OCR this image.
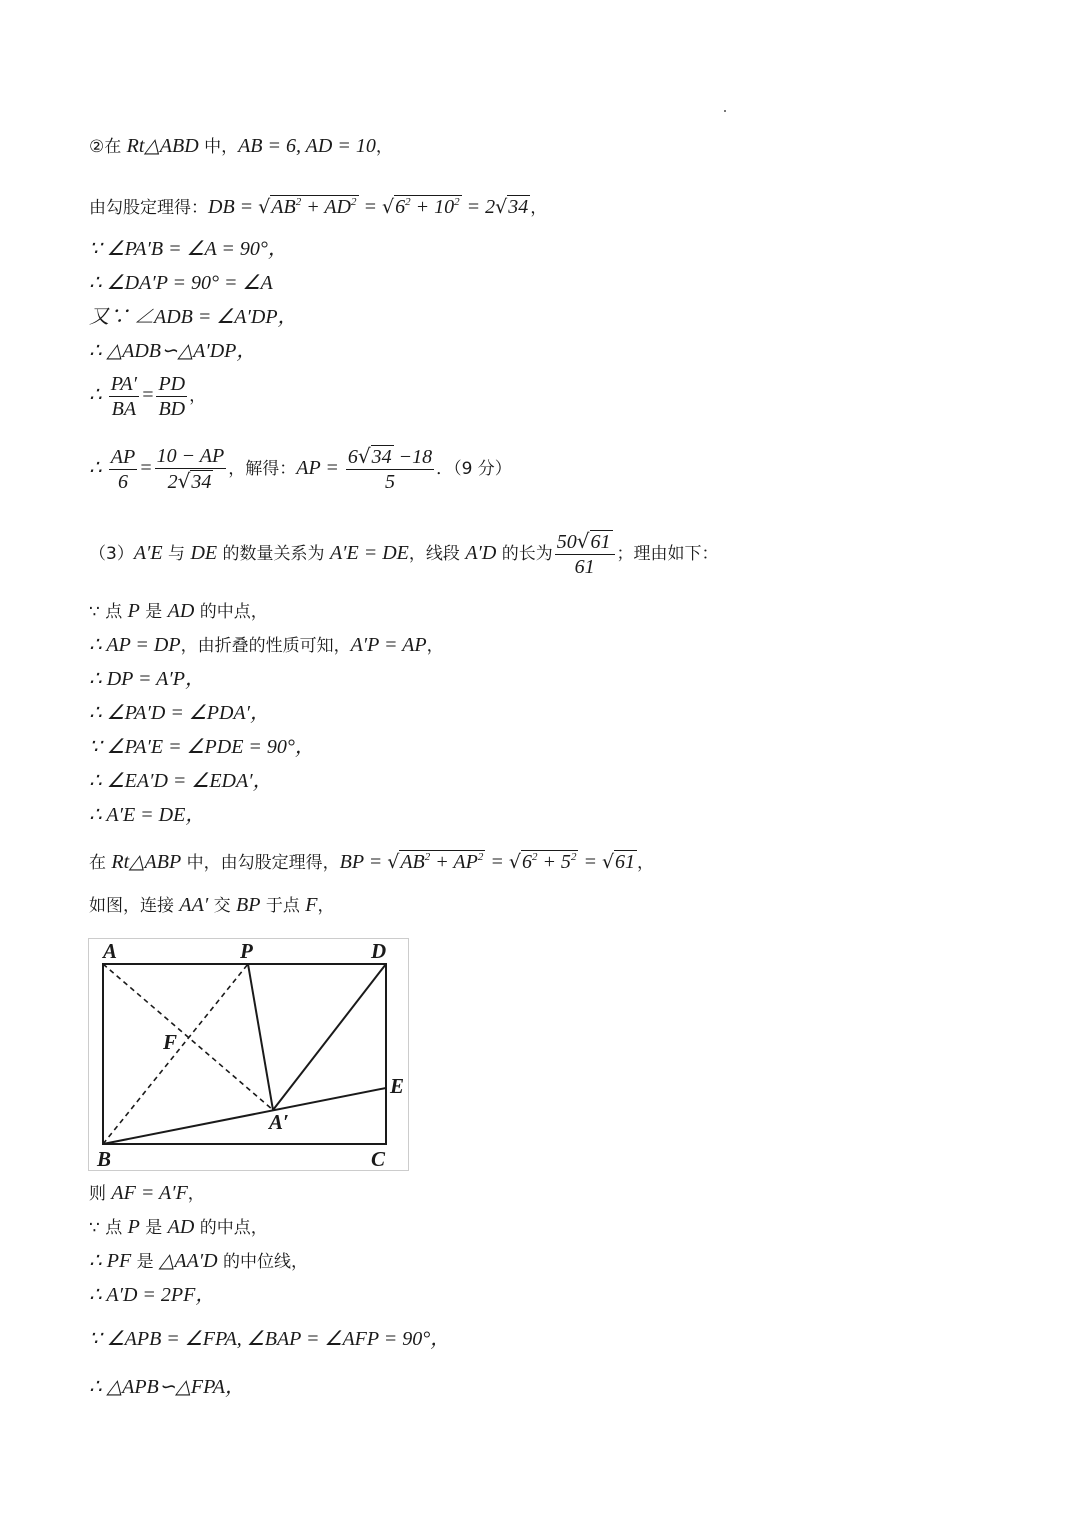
②在 Rt△ABD 中，AB = 6, AD = 10，
由勾股定理得：DB = $√AB^2 + AD^2 = √6^2 + 10^2 = 2√34$ ，
∵ ∠PA′B = ∠A = 90°，
∴ ∠DA′P = 90° = ∠A
又∵ ∠ADB = ∠A′DP，
∴ △ADB∽△A′DP，
∴ $\frac{PA'}{BA} = \frac{PD}{BD}$ ，
∴ $\frac{AP}{6} = \frac{10 - AP}{2√34}$ ，解得：AP = $\frac{6√34 -18}{5}$ ．（9 分）
（3）A′E 与 DE 的数量关系为 A′E = DE，线段 A′D 的长为 $\frac{50√61}{61}$ ；理由如下：
∵ 点 P 是 AD 的中点，
∴ AP = DP，由折叠的性质可知，A′P = AP，
∴ DP = A′P，
∴ ∠PA′D = ∠PDA′，
∵ ∠PA′E = ∠PDE = 90°，
∴ ∠EA′D = ∠EDA′，
∴ A′E = DE，
在 Rt△ABP 中，由勾股定理得，BP = $√AB^2 + AP^2 = √6^2 + 5^2 = √61$ ，
如图，连接 AA′ 交 BP 于点 F，
A	P	D
F
E
A′
B	C
则 AF = A′F，
∵ 点 P 是 AD 的中点，
∴ PF 是 △AA′D 的中位线，
∴ A′D = 2PF，
∵ ∠APB = ∠FPA, ∠BAP = ∠AFP = 90°，
∴ △APB∽△FPA，
